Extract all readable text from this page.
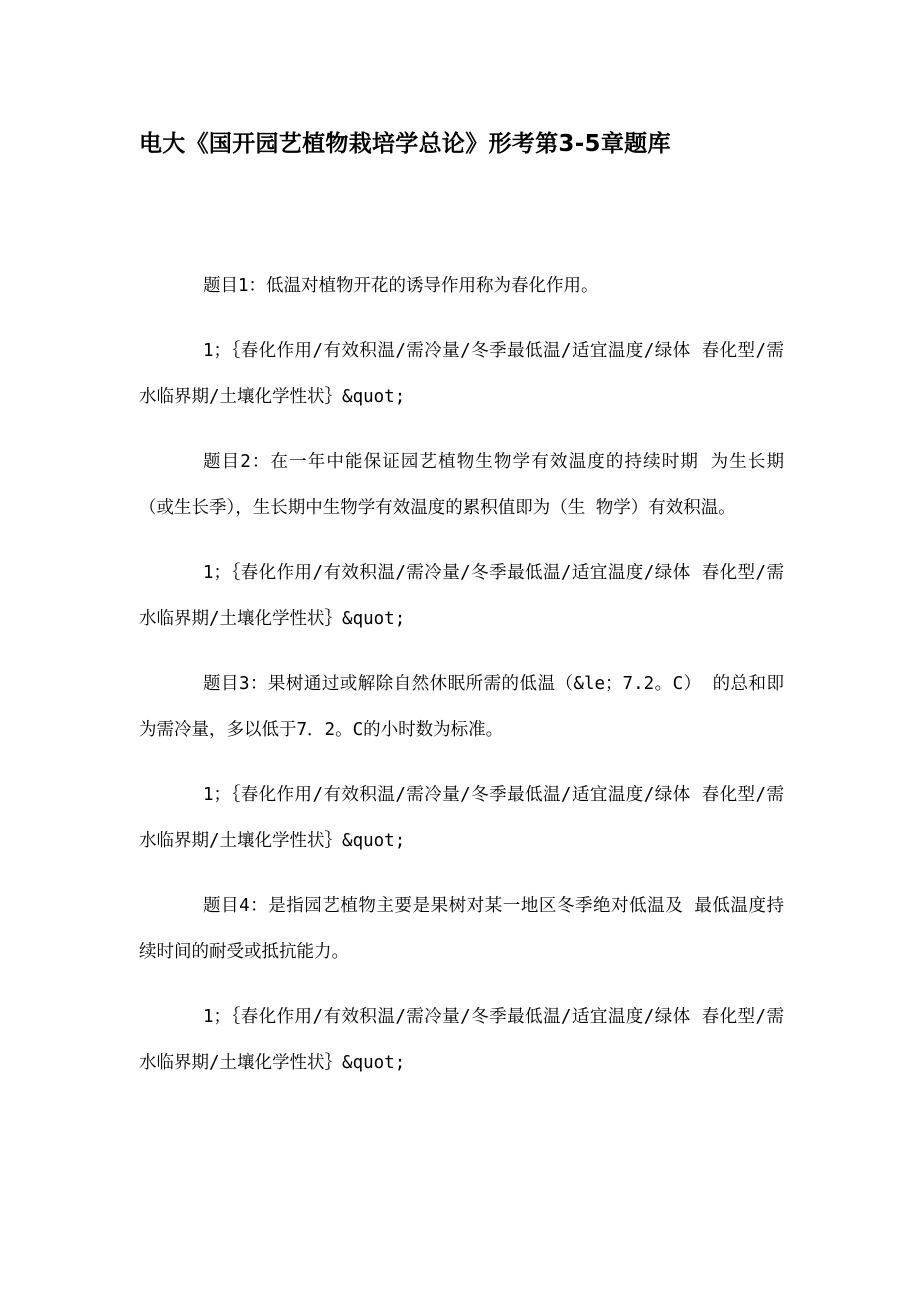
电大《国开园艺植物栽培学总论》形考第3-5章题库

题目1：低温对植物开花的诱导作用称为春化作用。

1；｛春化作用/有效积温/需冷量/冬季最低温/适宜温度/绿体 春化型/需水临界期/土壤化学性状｝&quot;

题目2：在一年中能保证园艺植物生物学有效温度的持续时期 为生长期（或生长季），生长期中生物学有效温度的累积值即为（生 物学）有效积温。

1；｛春化作用/有效积温/需冷量/冬季最低温/适宜温度/绿体 春化型/需水临界期/土壤化学性状｝&quot;

题目3：果树通过或解除自然休眠所需的低温（&le；7.2。C） 的总和即为需冷量，多以低于7．2。C的小时数为标准。

1；｛春化作用/有效积温/需冷量/冬季最低温/适宜温度/绿体 春化型/需水临界期/土壤化学性状｝&quot;

题目4：是指园艺植物主要是果树对某一地区冬季绝对低温及 最低温度持续时间的耐受或抵抗能力。

1；｛春化作用/有效积温/需冷量/冬季最低温/适宜温度/绿体 春化型/需水临界期/土壤化学性状｝&quot;
